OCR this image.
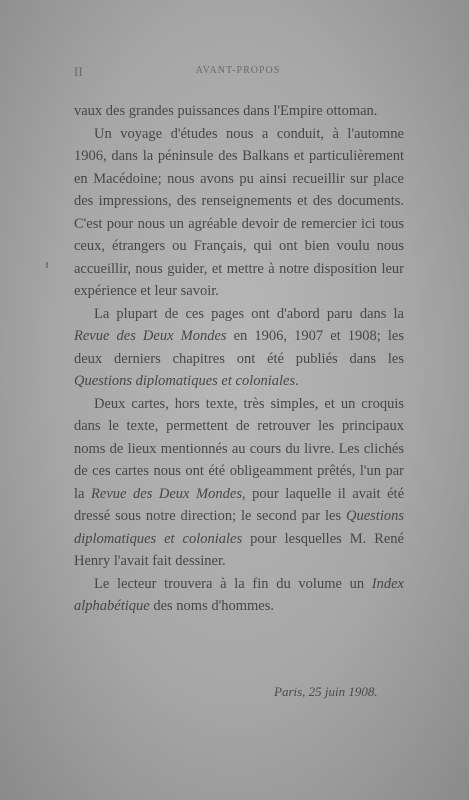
II	AVANT-PROPOS

vaux des grandes puissances dans l'Empire ottoman.

Un voyage d'études nous a conduit, à l'automne 1906, dans la péninsule des Balkans et particulièrement en Macédoine; nous avons pu ainsi recueillir sur place des impressions, des renseignements et des documents. C'est pour nous un agréable devoir de remercier ici tous ceux, étrangers ou Français, qui ont bien voulu nous accueillir, nous guider, et mettre à notre disposition leur expérience et leur savoir.

La plupart de ces pages ont d'abord paru dans la Revue des Deux Mondes en 1906, 1907 et 1908; les deux derniers chapitres ont été publiés dans les Questions diplomatiques et coloniales.

Deux cartes, hors texte, très simples, et un croquis dans le texte, permettent de retrouver les principaux noms de lieux mentionnés au cours du livre. Les clichés de ces cartes nous ont été obligeamment prêtés, l'un par la Revue des Deux Mondes, pour laquelle il avait été dressé sous notre direction; le second par les Questions diplomatiques et coloniales pour lesquelles M. René Henry l'avait fait dessiner.

Le lecteur trouvera à la fin du volume un Index alphabétique des noms d'hommes.

Paris, 25 juin 1908.
